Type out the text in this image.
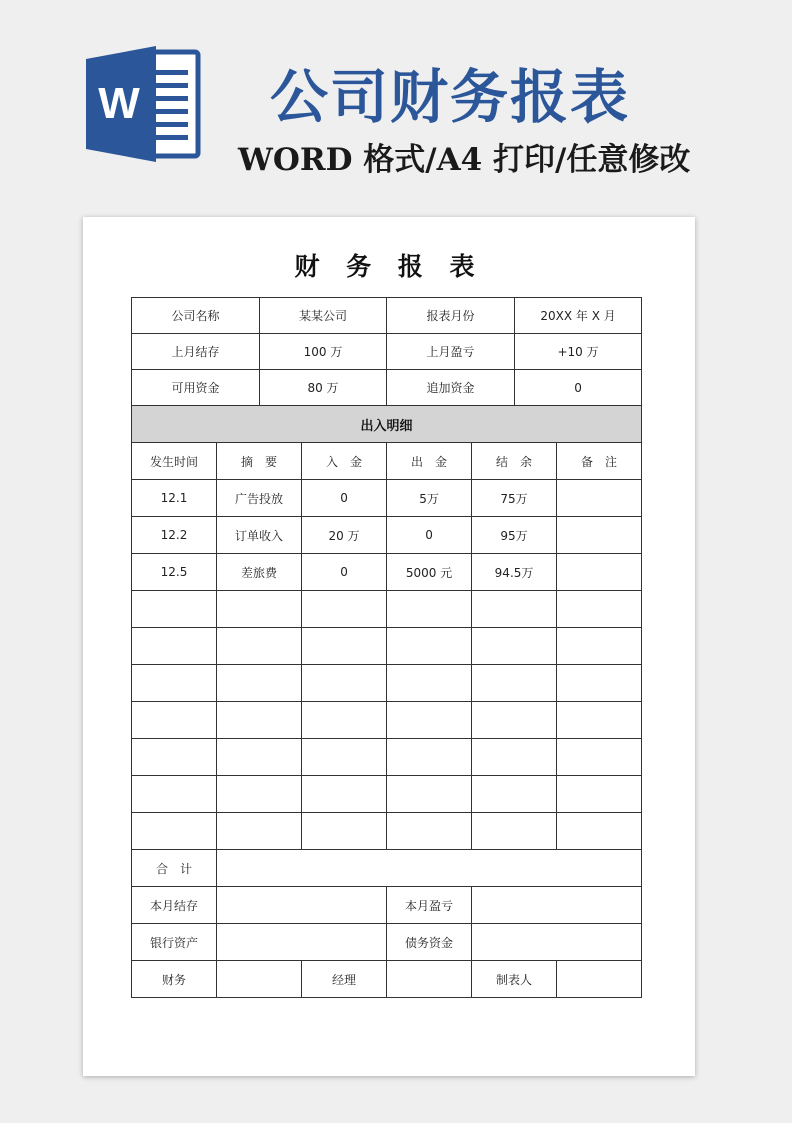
W 公司财务报表
WORD 格式/A4 打印/任意修改
财 务 报 表
公司名称		某某公司		报表月份		20XX 年 X 月	
上月结存		100 万		上月盈亏		+10 万	
可用资金		80 万		追加资金		0	
出入明细							
发生时间	摘　要		入　金	出　金	结　余		备　注
12.1	广告投放		0	5万	75万		
12.2	订单收入		20 万	0	95万		
12.5	差旅费		0	5000 元	94.5万		

合　计							
本月结存				本月盈亏			
银行资产				债务资金			
财务			经理		制表人		
